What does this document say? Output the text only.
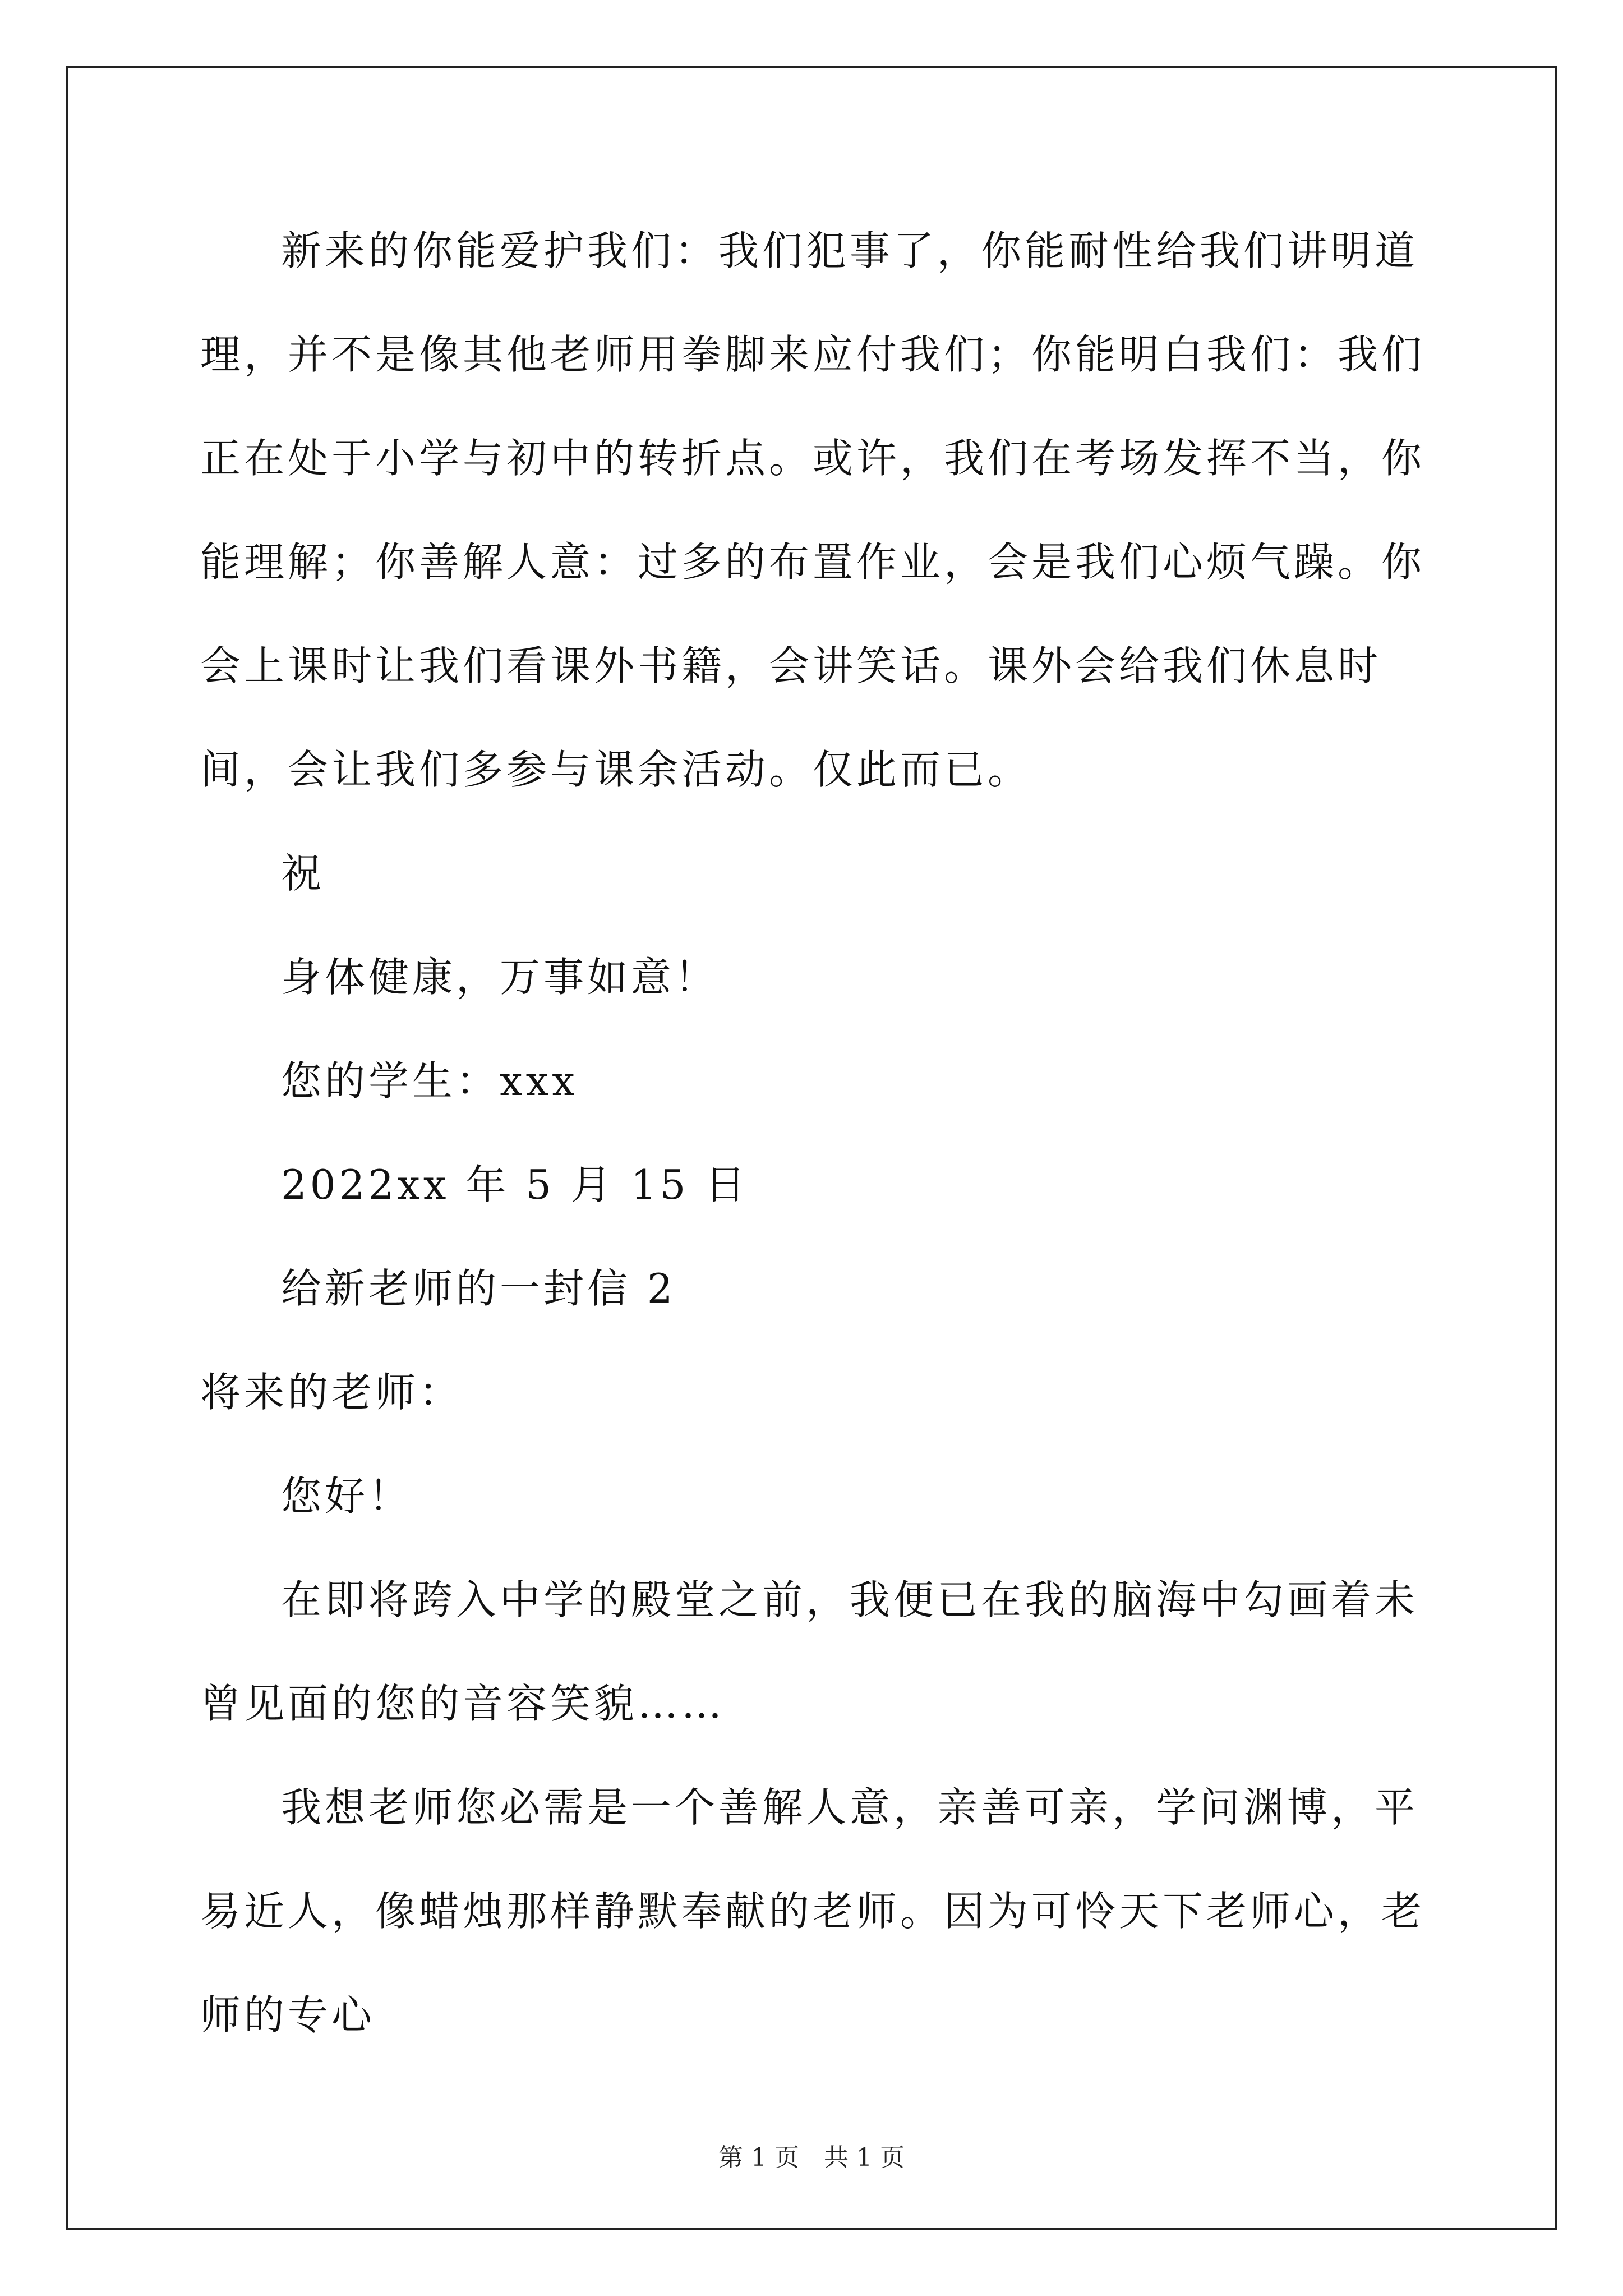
新来的你能爱护我们：我们犯事了，你能耐性给我们讲明道理，并不是像其他老师用拳脚来应付我们；你能明白我们：我们正在处于小学与初中的转折点。或许，我们在考场发挥不当，你能理解；你善解人意：过多的布置作业，会是我们心烦气躁。你会上课时让我们看课外书籍，会讲笑话。课外会给我们休息时间，会让我们多参与课余活动。仅此而已。

祝

身体健康，万事如意！

您的学生：xxx

2022xx 年 5 月 15 日

给新老师的一封信 2

将来的老师：

您好！

在即将跨入中学的殿堂之前，我便已在我的脑海中勾画着未曾见面的您的音容笑貌……

我想老师您必需是一个善解人意，亲善可亲，学问渊博，平易近人，像蜡烛那样静默奉献的老师。因为可怜天下老师心，老师的专心

第 1 页　共 1 页
